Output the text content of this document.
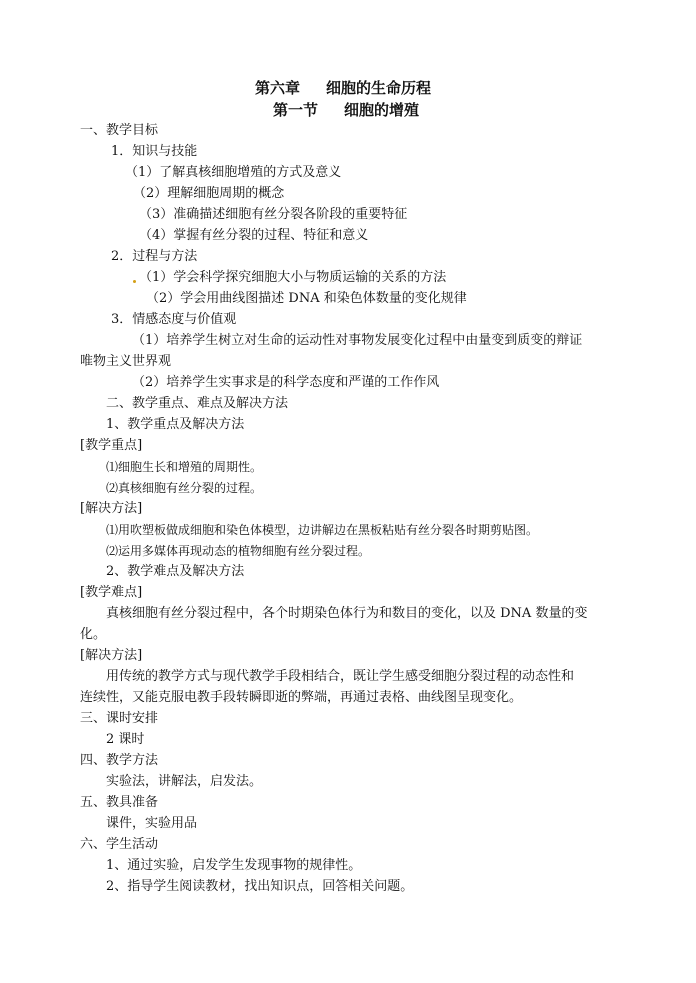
第六章 细胞的生命历程
第一节 细胞的增殖
一、教学目标
1．知识与技能
（1）了解真核细胞增殖的方式及意义
（2）理解细胞周期的概念
（3）准确描述细胞有丝分裂各阶段的重要特征
（4）掌握有丝分裂的过程、特征和意义
2．过程与方法
（1）学会科学探究细胞大小与物质运输的关系的方法
（2）学会用曲线图描述 DNA 和染色体数量的变化规律
3．情感态度与价值观
（1）培养学生树立对生命的运动性对事物发展变化过程中由量变到质变的辩证
唯物主义世界观
（2）培养学生实事求是的科学态度和严谨的工作作风
二、教学重点、难点及解决方法
1、教学重点及解决方法
[教学重点]
⑴细胞生长和增殖的周期性。
⑵真核细胞有丝分裂的过程。
[解决方法]
⑴用吹塑板做成细胞和染色体模型，边讲解边在黑板粘贴有丝分裂各时期剪贴图。
⑵运用多媒体再现动态的植物细胞有丝分裂过程。
2、教学难点及解决方法
[教学难点]
真核细胞有丝分裂过程中，各个时期染色体行为和数目的变化，以及 DNA 数量的变
化。
[解决方法]
用传统的教学方式与现代教学手段相结合，既让学生感受细胞分裂过程的动态性和
连续性，又能克服电教手段转瞬即逝的弊端，再通过表格、曲线图呈现变化。
三、课时安排
2 课时
四、教学方法
实验法，讲解法，启发法。
五、教具准备
课件，实验用品
六、学生活动
1、通过实验，启发学生发现事物的规律性。
2、指导学生阅读教材，找出知识点，回答相关问题。
